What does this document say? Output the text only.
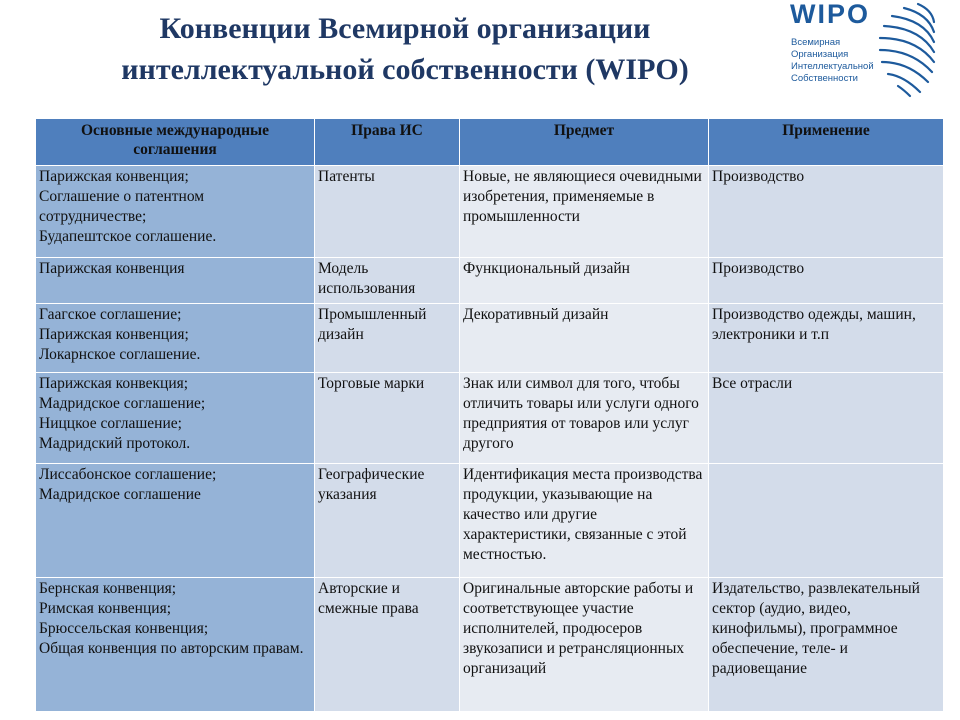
Конвенции Всемирной организации
интеллектуальной собственности (WIPO)
WIPO
Всемирная
Организация
Интеллектуальной
Собственности
Основные международные соглашения	Права ИС	Предмет	Применение

Парижская конвенция;
Соглашение о патентном сотрудничестве;
Будапештское соглашение.	Патенты	Новые, не являющиеся очевидными изобретения, применяемые в промышленности	Производство

Парижская конвенция	Модель использования	Функциональный дизайн	Производство

Гаагское соглашение;
Парижская конвенция;
Локарнское соглашение.	Промышленный дизайн	Декоративный дизайн	Производство одежды, машин, электроники и т.п

Парижская конвекция;
Мадридское соглашение;
Ниццкое соглашение;
Мадридский протокол.	Торговые марки	Знак или символ для того, чтобы отличить товары или услуги одного предприятия от товаров или услуг другого	Все отрасли

Лиссабонское соглашение;
Мадридское соглашение	Географические указания	Идентификация места производства продукции, указывающие на качество или другие характеристики, связанные с этой местностью.	

Бернская конвенция;
Римская конвенция;
Брюссельская конвенция;
Общая конвенция по авторским правам.	Авторские и смежные права	Оригинальные авторские работы и соответствующее участие исполнителей, продюсеров звукозаписи и ретрансляционных организаций	Издательство, развлекательный сектор (аудио, видео, кинофильмы), программное обеспечение, теле- и радиовещание
